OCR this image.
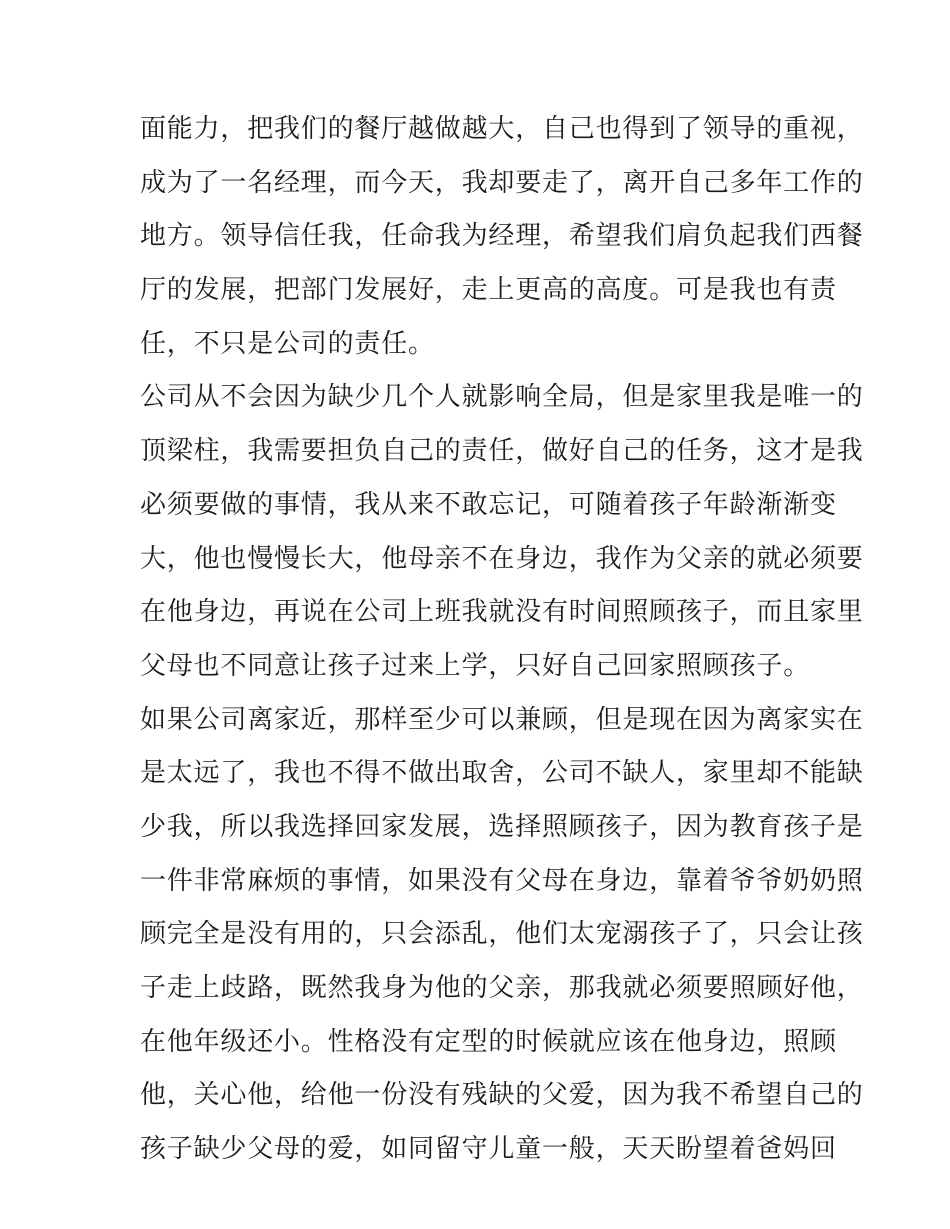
面能力，把我们的餐厅越做越大，自己也得到了领导的重视，
成为了一名经理，而今天，我却要走了，离开自己多年工作的
地方。领导信任我，任命我为经理，希望我们肩负起我们西餐
厅的发展，把部门发展好，走上更高的高度。可是我也有责
任，不只是公司的责任。
公司从不会因为缺少几个人就影响全局，但是家里我是唯一的
顶梁柱，我需要担负自己的责任，做好自己的任务，这才是我
必须要做的事情，我从来不敢忘记，可随着孩子年龄渐渐变
大，他也慢慢长大，他母亲不在身边，我作为父亲的就必须要
在他身边，再说在公司上班我就没有时间照顾孩子，而且家里
父母也不同意让孩子过来上学，只好自己回家照顾孩子。
如果公司离家近，那样至少可以兼顾，但是现在因为离家实在
是太远了，我也不得不做出取舍，公司不缺人，家里却不能缺
少我，所以我选择回家发展，选择照顾孩子，因为教育孩子是
一件非常麻烦的事情，如果没有父母在身边，靠着爷爷奶奶照
顾完全是没有用的，只会添乱，他们太宠溺孩子了，只会让孩
子走上歧路，既然我身为他的父亲，那我就必须要照顾好他，
在他年级还小。性格没有定型的时候就应该在他身边，照顾
他，关心他，给他一份没有残缺的父爱，因为我不希望自己的
孩子缺少父母的爱，如同留守儿童一般，天天盼望着爸妈回
